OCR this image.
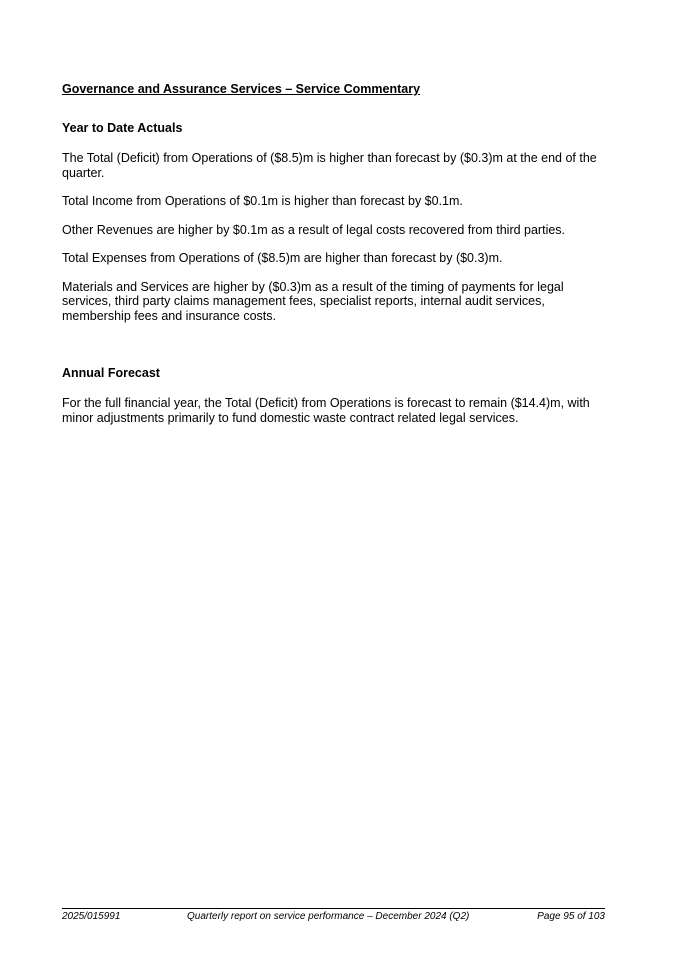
Governance and Assurance Services – Service Commentary

Year to Date Actuals

The Total (Deficit) from Operations of ($8.5)m is higher than forecast by ($0.3)m at the end of the quarter.

Total Income from Operations of $0.1m is higher than forecast by $0.1m.

Other Revenues are higher by $0.1m as a result of legal costs recovered from third parties.

Total Expenses from Operations of ($8.5)m are higher than forecast by ($0.3)m.

Materials and Services are higher by ($0.3)m as a result of the timing of payments for legal services, third party claims management fees, specialist reports, internal audit services, membership fees and insurance costs.

Annual Forecast

For the full financial year, the Total (Deficit) from Operations is forecast to remain ($14.4)m, with minor adjustments primarily to fund domestic waste contract related legal services.

2025/015991	Quarterly report on service performance – December 2024 (Q2)	Page 95 of 103
